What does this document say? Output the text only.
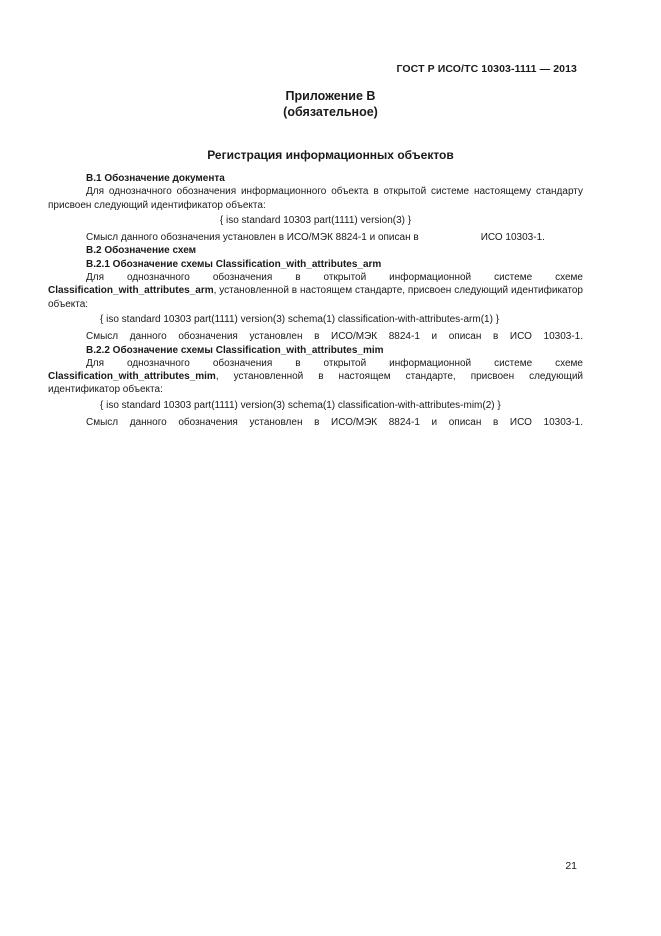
ГОСТ Р ИСО/ТС 10303-1111 — 2013
Приложение В
(обязательное)
Регистрация информационных объектов
В.1 Обозначение документа
Для однозначного обозначения информационного объекта в открытой системе настоящему стандарту присвоен следующий идентификатор объекта:
{ iso standard 10303 part(1111) version(3) }
Смысл данного обозначения установлен в ИСО/МЭК 8824-1 и описан в	ИСО 10303-1.
В.2 Обозначение схем
В.2.1 Обозначение схемы Classification_with_attributes_arm
Для однозначного обозначения в открытой информационной системе схеме Classification_with_attributes_arm, установленной в настоящем стандарте, присвоен следующий идентификатор объекта:
{ iso standard 10303 part(1111) version(3) schema(1) classification-with-attributes-arm(1) }
Смысл данного обозначения установлен в ИСО/МЭК 8824-1 и описан в ИСО 10303-1.
В.2.2 Обозначение схемы Classification_with_attributes_mim
Для однозначного обозначения в открытой информационной системе схеме Classification_with_attributes_mim, установленной в настоящем стандарте, присвоен следующий идентификатор объекта:
{ iso standard 10303 part(1111) version(3) schema(1) classification-with-attributes-mim(2) }
Смысл данного обозначения установлен в ИСО/МЭК 8824-1 и описан в ИСО 10303-1.
21
